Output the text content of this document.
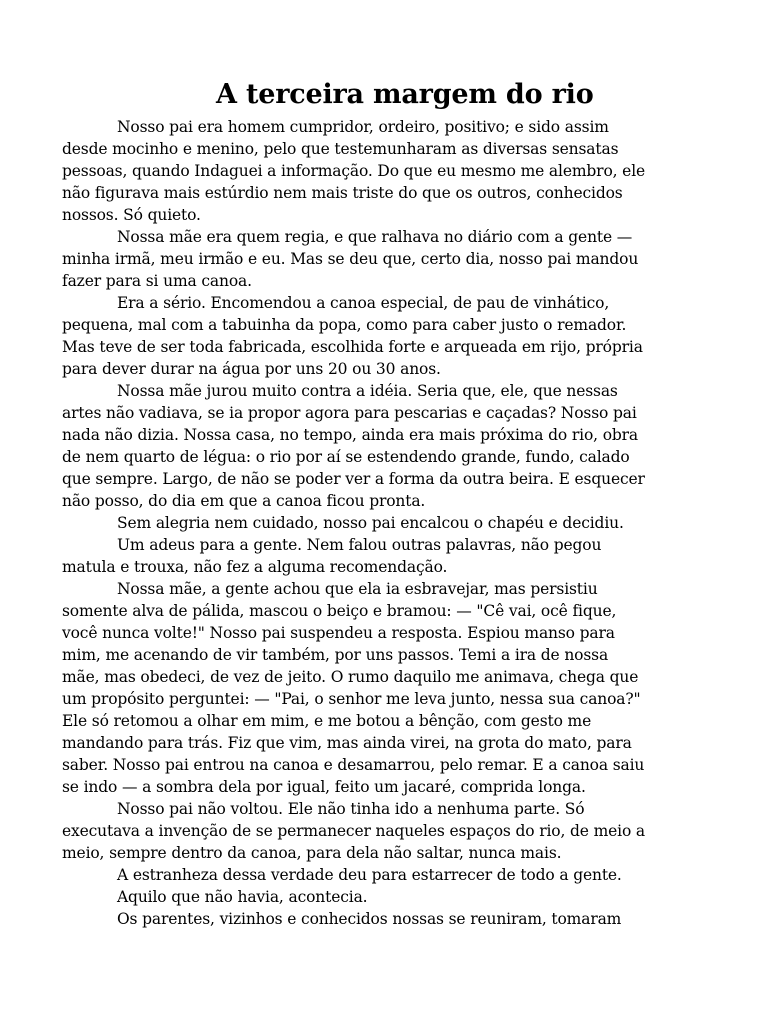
A terceira margem do rio
Nosso pai era homem cumpridor, ordeiro, positivo; e sido assim
desde mocinho e menino, pelo que testemunharam as diversas sensatas
pessoas, quando Indaguei a informação. Do que eu mesmo me alembro, ele
não figurava mais estúrdio nem mais triste do que os outros, conhecidos
nossos. Só quieto.
Nossa mãe era quem regia, e que ralhava no diário com a gente —
minha irmã, meu irmão e eu. Mas se deu que, certo dia, nosso pai mandou
fazer para si uma canoa.
Era a sério. Encomendou a canoa especial, de pau de vinhático,
pequena, mal com a tabuinha da popa, como para caber justo o remador.
Mas teve de ser toda fabricada, escolhida forte e arqueada em rijo, própria
para dever durar na água por uns 20 ou 30 anos.
Nossa mãe jurou muito contra a idéia. Seria que, ele, que nessas
artes não vadiava, se ia propor agora para pescarias e caçadas? Nosso pai
nada não dizia. Nossa casa, no tempo, ainda era mais próxima do rio, obra
de nem quarto de légua: o rio por aí se estendendo grande, fundo, calado
que sempre. Largo, de não se poder ver a forma da outra beira. E esquecer
não posso, do dia em que a canoa ficou pronta.
Sem alegria nem cuidado, nosso pai encalcou o chapéu e decidiu.
Um adeus para a gente. Nem falou outras palavras, não pegou
matula e trouxa, não fez a alguma recomendação.
Nossa mãe, a gente achou que ela ia esbravejar, mas persistiu
somente alva de pálida, mascou o beiço e bramou: — "Cê vai, ocê fique,
você nunca volte!" Nosso pai suspendeu a resposta. Espiou manso para
mim, me acenando de vir também, por uns passos. Temi a ira de nossa
mãe, mas obedeci, de vez de jeito. O rumo daquilo me animava, chega que
um propósito perguntei: — "Pai, o senhor me leva junto, nessa sua canoa?"
Ele só retomou a olhar em mim, e me botou a bênção, com gesto me
mandando para trás. Fiz que vim, mas ainda virei, na grota do mato, para
saber. Nosso pai entrou na canoa e desamarrou, pelo remar. E a canoa saiu
se indo — a sombra dela por igual, feito um jacaré, comprida longa.
Nosso pai não voltou. Ele não tinha ido a nenhuma parte. Só
executava a invenção de se permanecer naqueles espaços do rio, de meio a
meio, sempre dentro da canoa, para dela não saltar, nunca mais.
A estranheza dessa verdade deu para estarrecer de todo a gente.
Aquilo que não havia, acontecia.
Os parentes, vizinhos e conhecidos nossas se reuniram, tomaram
